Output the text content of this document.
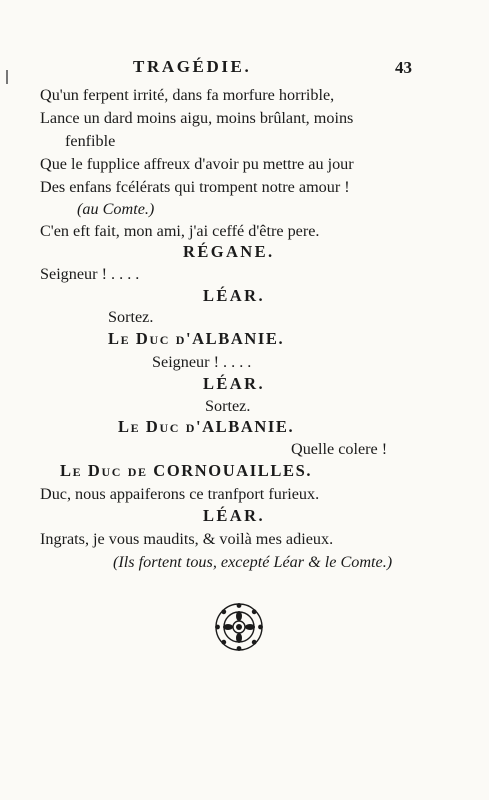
TRAGÉDIE.	43
Qu'un ferpent irrité, dans fa morfure horrible,
Lance un dard moins aigu, moins brûlant, moins
fenfible
Que le fupplice affreux d'avoir pu mettre au jour
Des enfans fcélérats qui trompent notre amour !
(au Comte.)
C'en eft fait, mon ami, j'ai ceffé d'être pere.
RÉGANE.
Seigneur ! . . . .
LÉAR.
Sortez.
Le Duc d'ALBANIE.
Seigneur ! . . . .
LÉAR.
Sortez.
Le Duc d'ALBANIE.
Quelle colere !
Le Duc de CORNOUAILLES.
Duc, nous appaiferons ce tranfport furieux.
LÉAR.
Ingrats, je vous maudits, & voilà mes adieux.
(Ils fortent tous, excepté Léar & le Comte.)
